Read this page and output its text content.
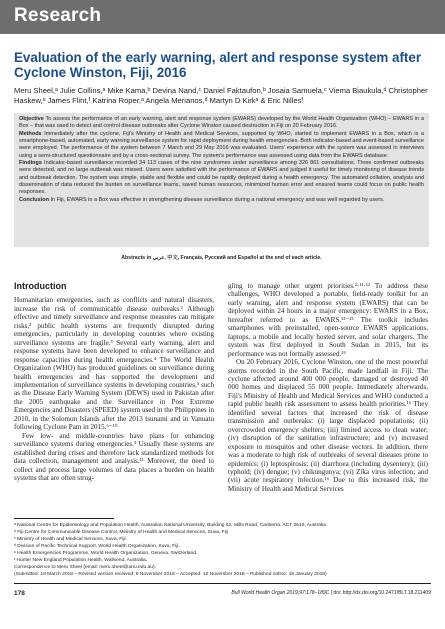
Research
Evaluation of the early warning, alert and response system after Cyclone Winston, Fiji, 2016
Meru Sheel,ᵃ Julie Collins,ᵃ Mike Kama,ᵇ Devina Nand,ᶜ Daniel Faktaufon,ᵇ Josaia Samuela,ᶜ Viema Biaukula,ᵈ Christopher Haskew,ᵉ James Flint,ᶠ Katrina Roper,ᵃ Angela Merianos,ᵈ Martyn D Kirkᵃ & Eric Nillesᶠ

Objective To assess the performance of an early warning, alert and response system (EWARS) developed by the World Health Organization (WHO) – EWARS in a Box – that was used to detect and control disease outbreaks after Cyclone Winston caused destruction in Fiji on 20 February 2016.

Methods Immediately after the cyclone, Fiji's Ministry of Health and Medical Services, supported by WHO, started to implement EWARS in a Box, which is a smartphone-based, automated, early warning surveillance system for rapid deployment during health emergencies. Both indicator-based and event-based surveillance were employed. The performance of the system between 7 March and 29 May 2016 was evaluated. Users' experience with the system was assessed in interviews using a semi-structured questionnaire and by a cross-sectional survey. The system's performance was assessed using data from the EWARS database.

Findings Indicator-based surveillance recorded 34 113 cases of the nine syndromes under surveillance among 326 861 consultations. Three confirmed outbreaks were detected, and no large outbreak was missed. Users were satisfied with the performance of EWARS and judged it useful for timely monitoring of disease trends and outbreak detection. The system was simple, stable and flexible and could be rapidly deployed during a health emergency. The automated collation, analysis and dissemination of data reduced the burden on surveillance teams, saved human resources, minimized human error and ensured teams could focus on public health responses.

Conclusion In Fiji, EWARS in a Box was effective in strengthening disease surveillance during a national emergency and was well regarded by users.

Abstracts in عربي, 中文, Français, Русский and Español at the end of each article.
Introduction

Humanitarian emergencies, such as conflicts and natural disasters, increase the risk of communicable disease outbreaks.¹ Although effective and timely surveillance and response measures can mitigate risks,² public health systems are frequently disrupted during emergencies, particularly in developing countries where existing surveillance systems are fragile.³ Several early warning, alert and response systems have been developed to enhance surveillance and response capacities during health emergencies.⁴ The World Health Organization (WHO) has produced guidelines on surveillance during health emergencies and has supported the development and implementation of surveillance systems in developing countries,⁵ such as the Disease Early Warning System (DEWS) used in Pakistan after the 2005 earthquake and the Surveillance in Post Extreme Emergencies and Disasters (SPEED) system used in the Philippines in 2010, in the Solomon Islands after the 2013 tsunami and in Vanuatu following Cyclone Pam in 2015.⁶⁻¹⁰

Few low- and middle-countries have plans for enhancing surveillance systems during emergencies.³ Usually these systems are established during crises and therefore lack standardized methods for data collection, management and analysis.¹¹ Moreover, the need to collect and process large volumes of data places a burden on health systems that are often strug-

gling to manage other urgent priorities.²·¹¹·¹² To address these challenges, WHO developed a portable, field-ready toolkit for an early warning, alert and response system (EWARS) that can be deployed within 24 hours in a major emergency: EWARS in a Box, hereafter referred to as EWARS.¹³⁻¹⁵ The toolkit includes smartphones with preinstalled, open-source EWARS applications, laptops, a mobile and locally hosted server, and solar chargers. The system was first deployed in South Sudan in 2015, but its performance was not formally assessed.¹⁵

On 20 February 2016, Cyclone Winston, one of the most powerful storms recorded in the South Pacific, made landfall in Fiji. The cyclone affected around 400 000 people, damaged or destroyed 40 000 homes and displaced 55 000 people. Immediately afterwards, Fiji's Ministry of Health and Medical Services and WHO conducted a rapid public health risk assessment to assess health priorities.¹⁶ They identified several factors that increased the risk of disease transmission and outbreaks: (i) large displaced populations; (ii) overcrowded emergency shelters; (iii) limited access to clean water; (iv) disruption of the sanitation infrastructure; and (v) increased exposure to mosquitos and other disease vectors. In addition, there was a moderate to high risk of outbreaks of several diseases prone to epidemics: (i) leptospirosis; (ii) diarrhoea (including dysentery); (iii) typhoid; (iv) dengue; (v) chikungunya; (vi) Zika virus infection; and (vii) acute respiratory infection.¹⁶ Due to this increased risk, the Ministry of Health and Medical Services

ᵃ National Centre for Epidemiology and Population Health, Australian National University, Building 62, Mills Road, Canberra, ACT 2610, Australia.

ᵇ Fiji Centre for Communicable Disease Control, Ministry of Health and Medical Services, Suva, Fiji.

ᶜ Ministry of Health and Medical Services, Suva, Fiji.

ᵈ Division of Pacific Technical Support, World Health Organization, Suva, Fiji.

ᵉ Health Emergencies Programme, World Health Organization, Geneva, Switzerland.

ᶠ Hunter New England Population Health, Wallsend, Australia.

Correspondence to Meru Sheel (email: meru.sheel@anu.edu.au).

(Submitted: 18 March 2018 – Revised version received: 9 November 2018 – Accepted: 12 November 2018 – Published online: 18 January 2019)

178	Bull World Health Organ 2019;97:178–189C | doi: http://dx.doi.org/10.2471/BLT.18.211409
